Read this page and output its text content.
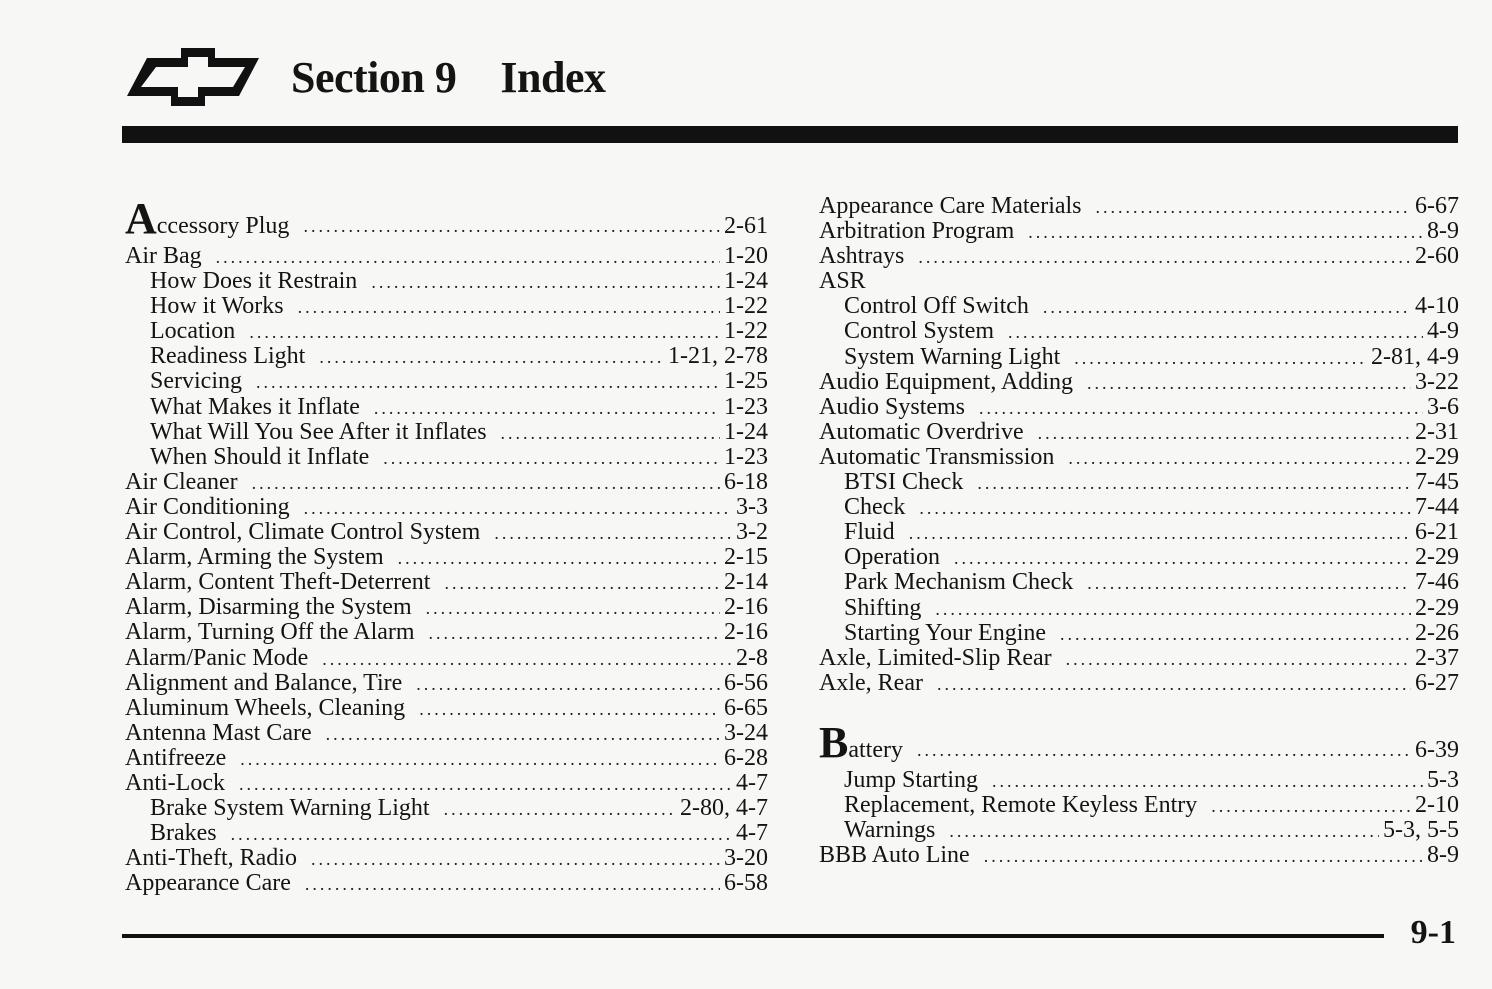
Section 9 Index
Accessory Plug .....	2-61
Air Bag .....	1-20
How Does it Restrain .....	1-24
How it Works .....	1-22
Location .....	1-22
Readiness Light .....	1-21, 2-78
Servicing .....	1-25
What Makes it Inflate .....	1-23
What Will You See After it Inflates .....	1-24
When Should it Inflate .....	1-23
Air Cleaner .....	6-18
Air Conditioning .....	3-3
Air Control, Climate Control System .....	3-2
Alarm, Arming the System .....	2-15
Alarm, Content Theft-Deterrent .....	2-14
Alarm, Disarming the System .....	2-16
Alarm, Turning Off the Alarm .....	2-16
Alarm/Panic Mode .....	2-8
Alignment and Balance, Tire .....	6-56
Aluminum Wheels, Cleaning .....	6-65
Antenna Mast Care .....	3-24
Antifreeze .....	6-28
Anti-Lock .....	4-7
Brake System Warning Light .....	2-80, 4-7
Brakes .....	4-7
Anti-Theft, Radio .....	3-20
Appearance Care .....	6-58
Appearance Care Materials .....	6-67
Arbitration Program .....	8-9
Ashtrays .....	2-60
ASR
Control Off Switch .....	4-10
Control System .....	4-9
System Warning Light .....	2-81, 4-9
Audio Equipment, Adding .....	3-22
Audio Systems .....	3-6
Automatic Overdrive .....	2-31
Automatic Transmission .....	2-29
BTSI Check .....	7-45
Check .....	7-44
Fluid .....	6-21
Operation .....	2-29
Park Mechanism Check .....	7-46
Shifting .....	2-29
Starting Your Engine .....	2-26
Axle, Limited-Slip Rear .....	2-37
Axle, Rear .....	6-27
Battery .....	6-39
Jump Starting .....	5-3
Replacement, Remote Keyless Entry .....	2-10
Warnings .....	5-3, 5-5
BBB Auto Line .....	8-9
9-1
